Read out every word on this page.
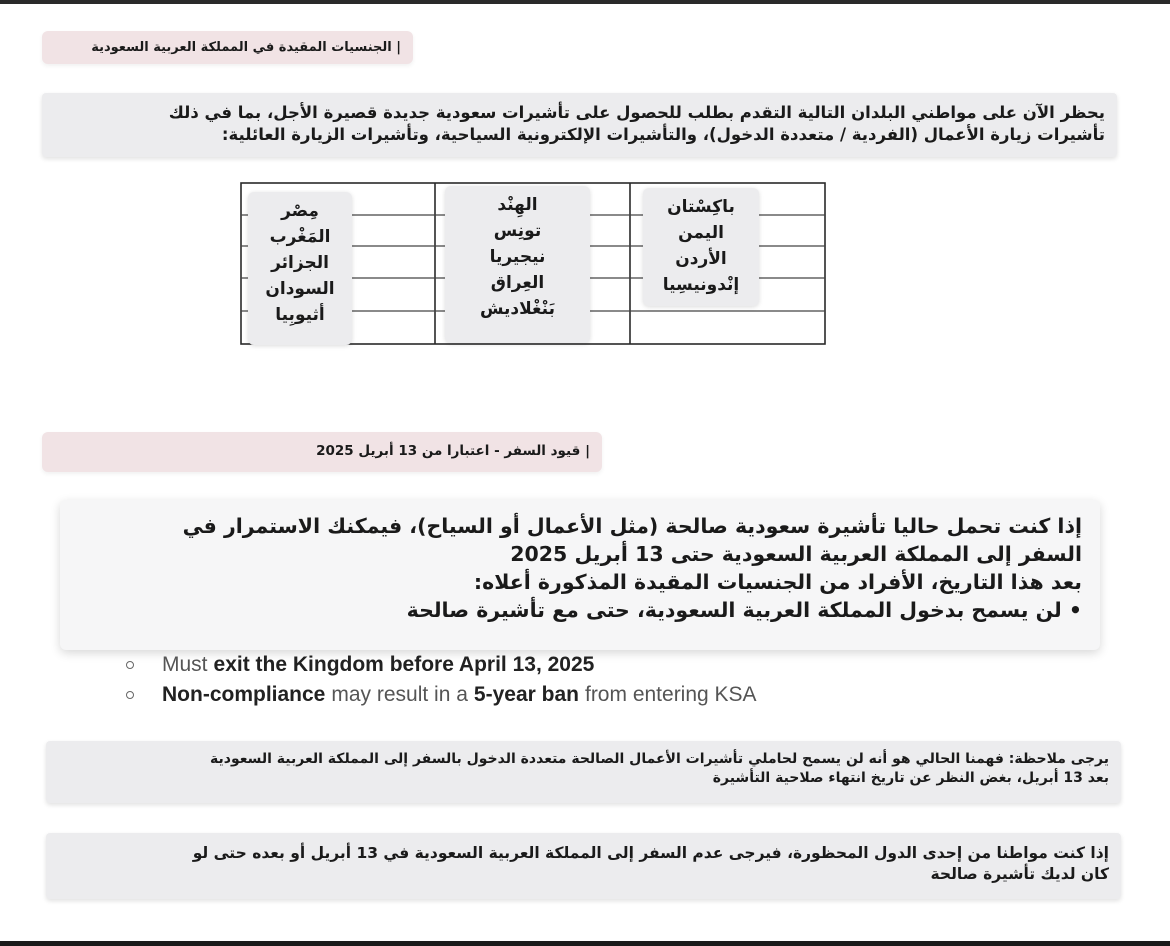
| الجنسيات المقيدة في المملكة العربية السعودية
يحظر الآن على مواطني البلدان التالية التقدم بطلب للحصول على تأشيرات سعودية جديدة قصيرة الأجل، بما في ذلك
تأشيرات زيارة الأعمال (الفردية / متعددة الدخول)، والتأشيرات الإلكترونية السياحية، وتأشيرات الزيارة العائلية:
باكِسْتان
اليمن
الأردن
إنْدونيسِيا
الهِنْد
تونِس
نيجيريا
العِراق
بَنْغْلاديش
مِصْر
المَغْرب
الجزائر
السودان
أثيوبِيا
| قيود السفر - اعتبارا من 13 أبريل 2025
إذا كنت تحمل حاليا تأشيرة سعودية صالحة (مثل الأعمال أو السياح)، فيمكنك الاستمرار في
السفر إلى المملكة العربية السعودية حتى 13 أبريل 2025
بعد هذا التاريخ، الأفراد من الجنسيات المقيدة المذكورة أعلاه:
• لن يسمح بدخول المملكة العربية السعودية، حتى مع تأشيرة صالحة
Must exit the Kingdom before April 13, 2025
Non-compliance may result in a 5-year ban from entering KSA
يرجى ملاحظة: فهمنا الحالي هو أنه لن يسمح لحاملي تأشيرات الأعمال الصالحة متعددة الدخول بالسفر إلى المملكة العربية السعودية
بعد 13 أبريل، بغض النظر عن تاريخ انتهاء صلاحية التأشيرة
إذا كنت مواطنا من إحدى الدول المحظورة، فيرجى عدم السفر إلى المملكة العربية السعودية في 13 أبريل أو بعده حتى لو
كان لديك تأشيرة صالحة
